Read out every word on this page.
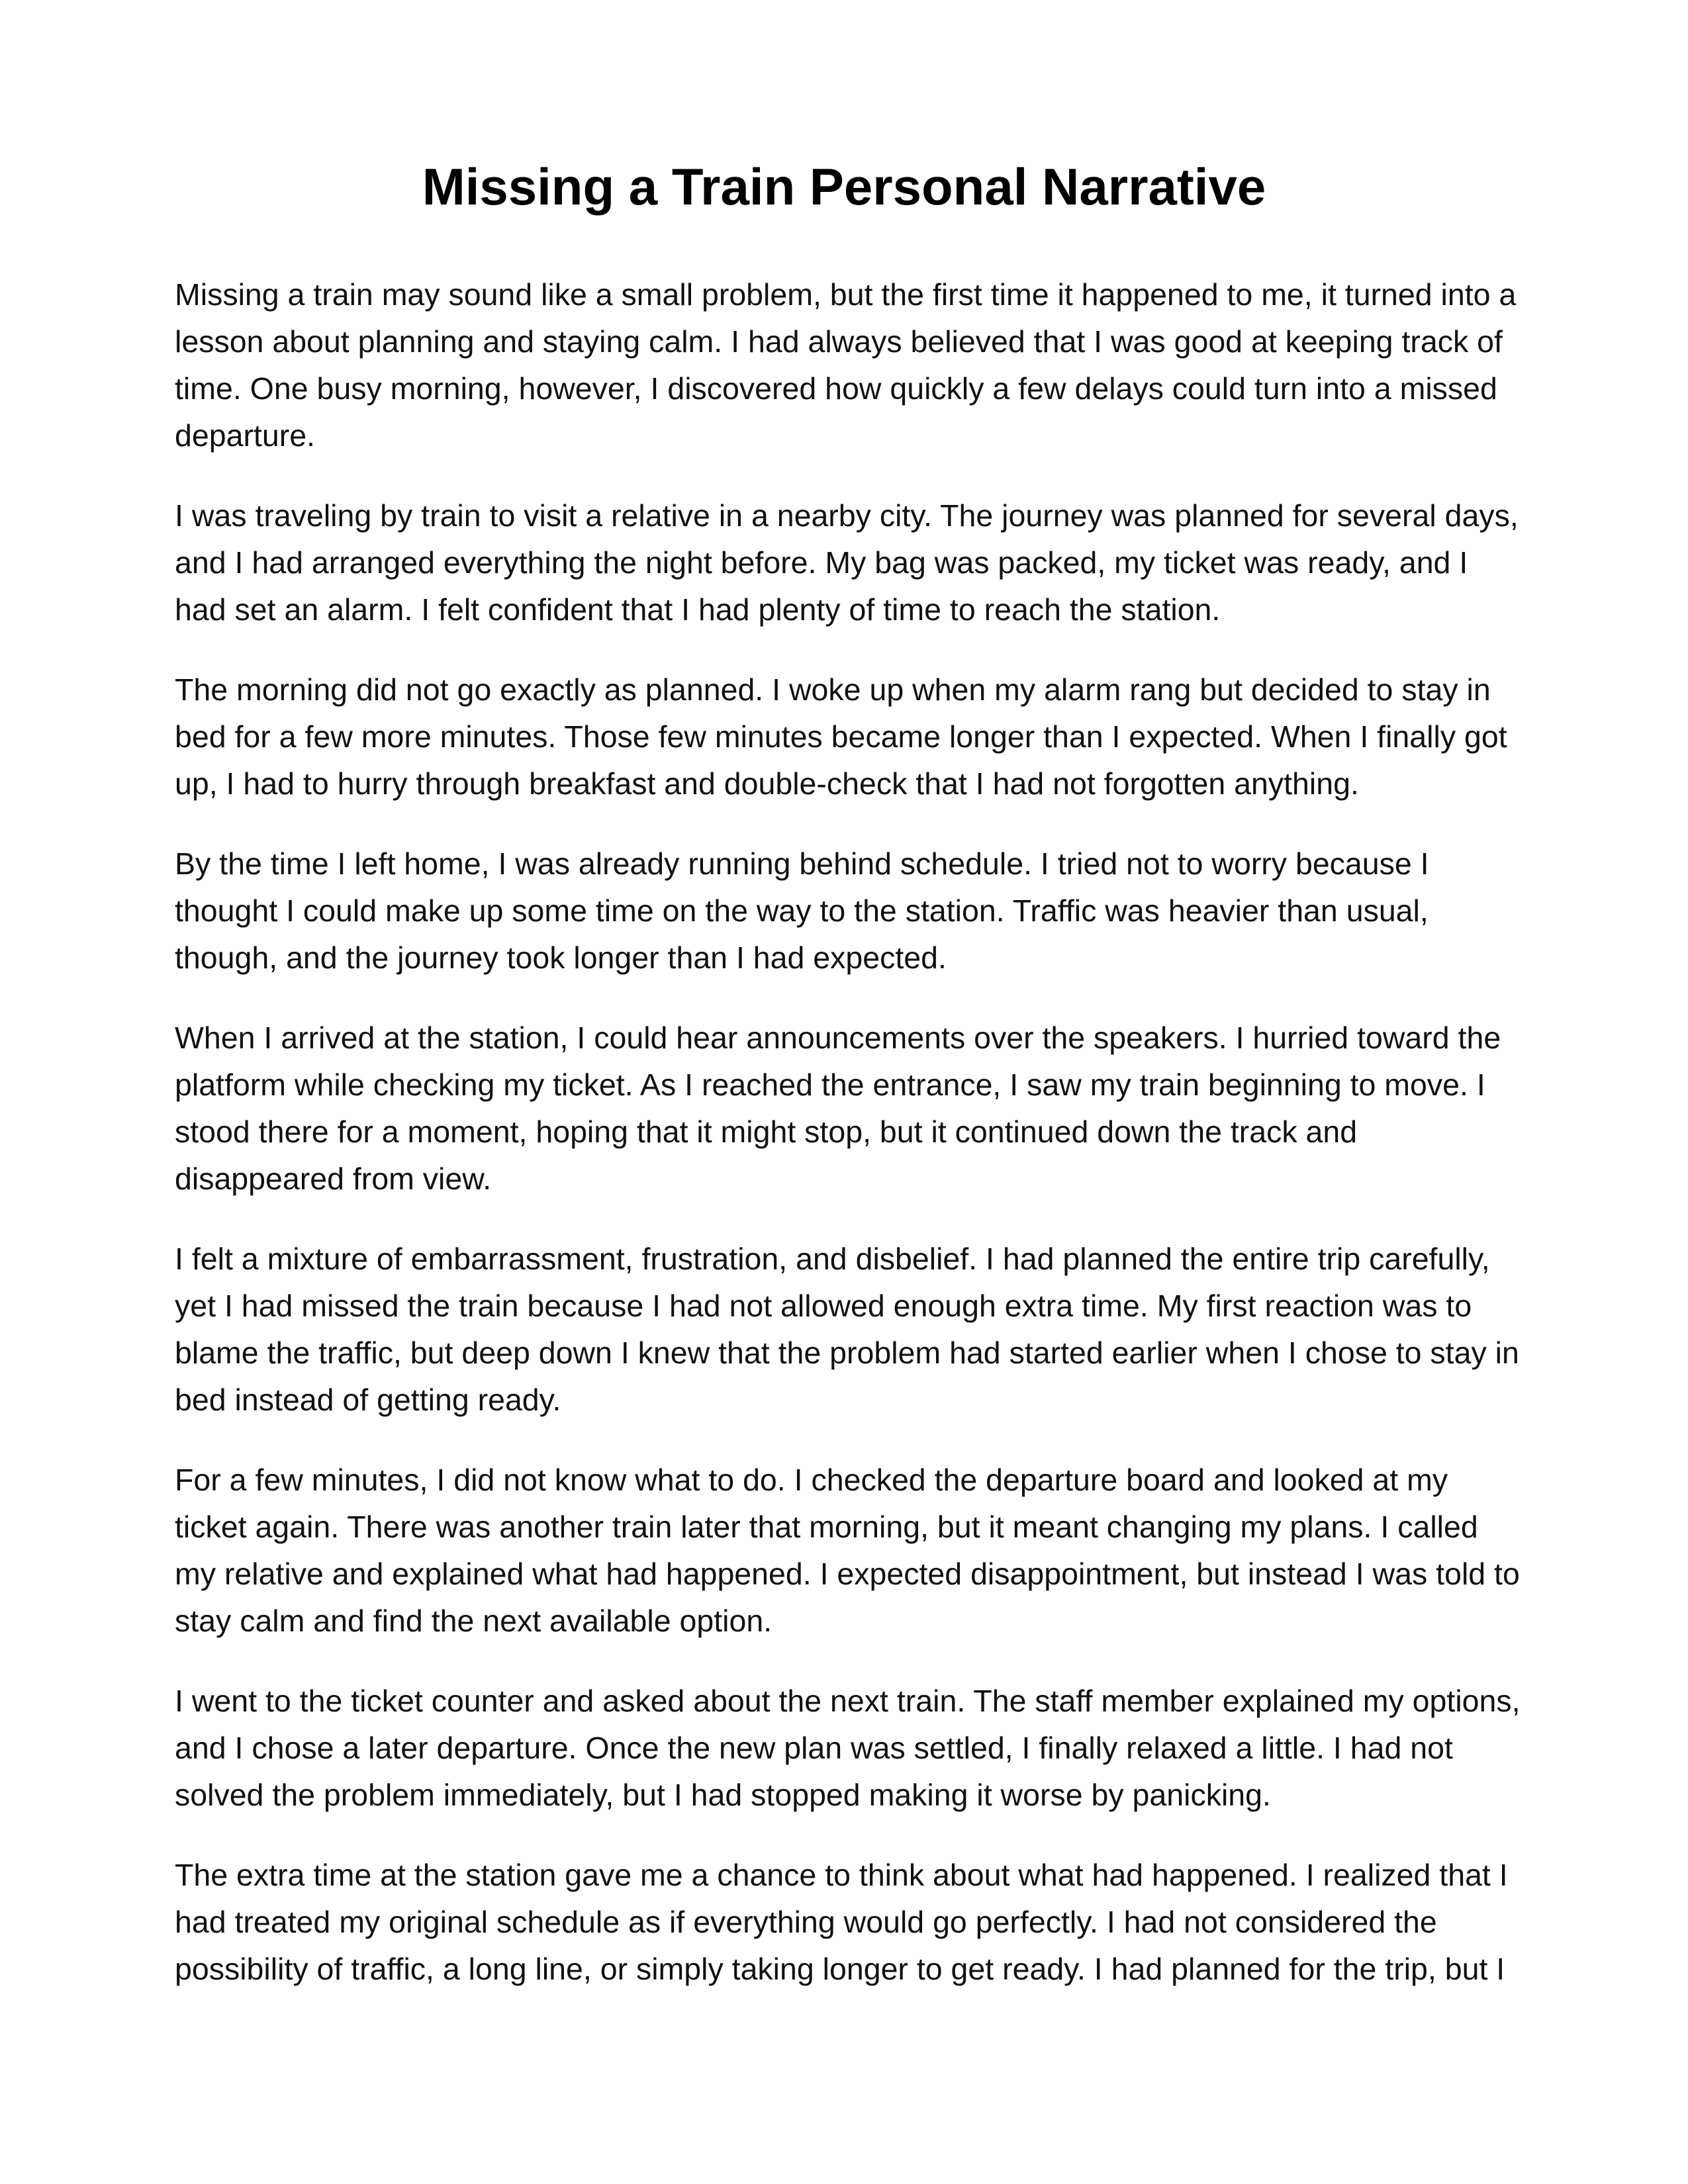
Missing a Train Personal Narrative

Missing a train may sound like a small problem, but the first time it happened to me, it turned into a lesson about planning and staying calm. I had always believed that I was good at keeping track of time. One busy morning, however, I discovered how quickly a few delays could turn into a missed departure.

I was traveling by train to visit a relative in a nearby city. The journey was planned for several days, and I had arranged everything the night before. My bag was packed, my ticket was ready, and I had set an alarm. I felt confident that I had plenty of time to reach the station.

The morning did not go exactly as planned. I woke up when my alarm rang but decided to stay in bed for a few more minutes. Those few minutes became longer than I expected. When I finally got up, I had to hurry through breakfast and double-check that I had not forgotten anything.

By the time I left home, I was already running behind schedule. I tried not to worry because I thought I could make up some time on the way to the station. Traffic was heavier than usual, though, and the journey took longer than I had expected.

When I arrived at the station, I could hear announcements over the speakers. I hurried toward the platform while checking my ticket. As I reached the entrance, I saw my train beginning to move. I stood there for a moment, hoping that it might stop, but it continued down the track and disappeared from view.

I felt a mixture of embarrassment, frustration, and disbelief. I had planned the entire trip carefully, yet I had missed the train because I had not allowed enough extra time. My first reaction was to blame the traffic, but deep down I knew that the problem had started earlier when I chose to stay in bed instead of getting ready.

For a few minutes, I did not know what to do. I checked the departure board and looked at my ticket again. There was another train later that morning, but it meant changing my plans. I called my relative and explained what had happened. I expected disappointment, but instead I was told to stay calm and find the next available option.

I went to the ticket counter and asked about the next train. The staff member explained my options, and I chose a later departure. Once the new plan was settled, I finally relaxed a little. I had not solved the problem immediately, but I had stopped making it worse by panicking.

The extra time at the station gave me a chance to think about what had happened. I realized that I had treated my original schedule as if everything would go perfectly. I had not considered the possibility of traffic, a long line, or simply taking longer to get ready. I had planned for the trip, but I
